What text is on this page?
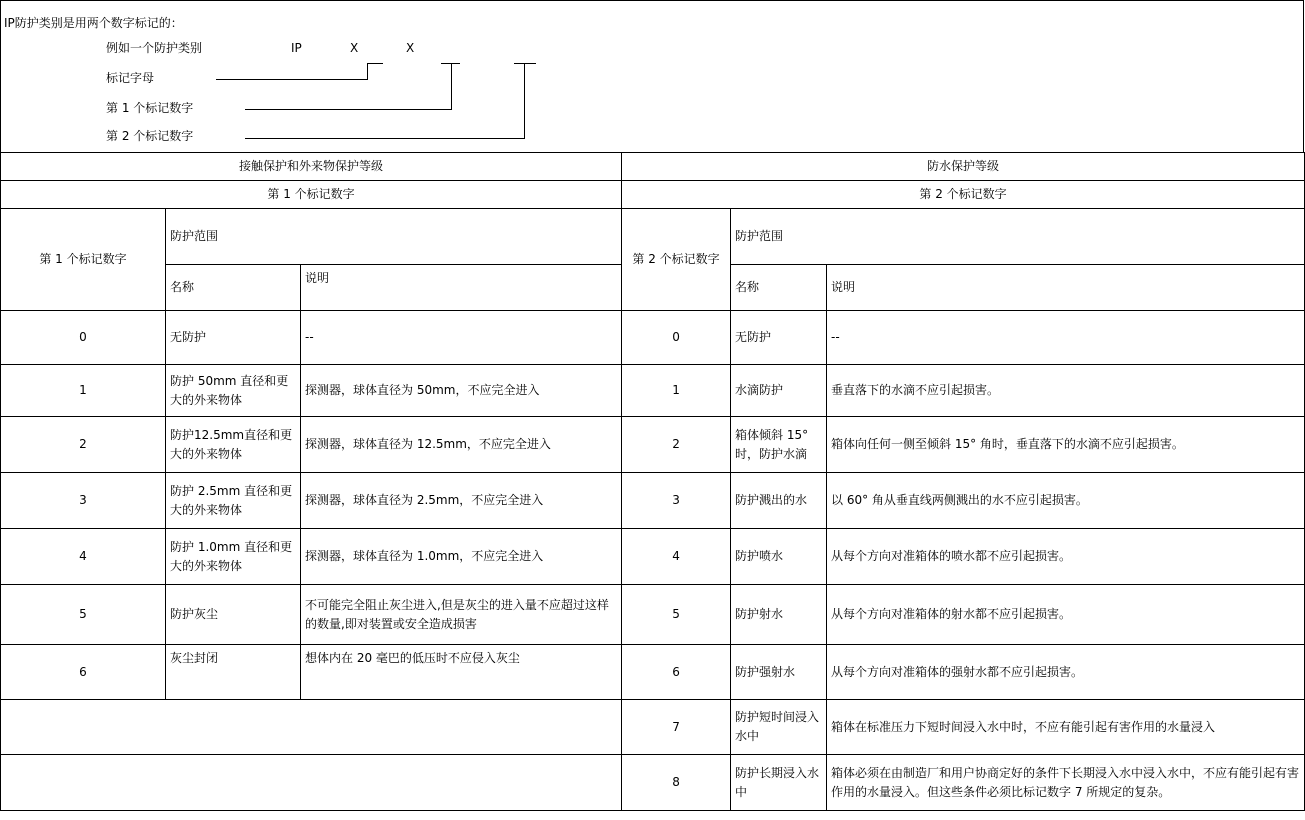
IP防护类别是用两个数字标记的：
例如一个防护类别	IP	X	X
标记字母
第 1 个标记数字
第 2 个标记数字
接触保护和外来物保护等级			防水保护等级		
第 1 个标记数字			第 2 个标记数字		
第 1 个标记数字	防护范围		第 2 个标记数字	防护范围	
	名称	说明		名称	说明
0	无防护	--	0	无防护	--
1	防护 50mm 直径和更大的外来物体	探测器，球体直径为 50mm，不应完全进入	1	水滴防护	垂直落下的水滴不应引起损害。
2	防护12.5mm直径和更大的外来物体	探测器，球体直径为 12.5mm，不应完全进入	2	箱体倾斜 15°时，防护水滴	箱体向任何一侧至倾斜 15° 角时，垂直落下的水滴不应引起损害。
3	防护 2.5mm 直径和更大的外来物体	探测器，球体直径为 2.5mm，不应完全进入	3	防护溅出的水	以 60° 角从垂直线两侧溅出的水不应引起损害。
4	防护 1.0mm 直径和更大的外来物体	探测器，球体直径为 1.0mm，不应完全进入	4	防护喷水	从每个方向对准箱体的喷水都不应引起损害。
5	防护灰尘	不可能完全阻止灰尘进入,但是灰尘的进入量不应超过这样的数量,即对装置或安全造成损害	5	防护射水	从每个方向对准箱体的射水都不应引起损害。
6	灰尘封闭	想体内在 20 毫巴的低压时不应侵入灰尘	6	防护强射水	从每个方向对准箱体的强射水都不应引起损害。
			7	防护短时间浸入水中	箱体在标准压力下短时间浸入水中时，不应有能引起有害作用的水量浸入
			8	防护长期浸入水中	箱体必须在由制造厂和用户协商定好的条件下长期浸入水中浸入水中，不应有能引起有害作用的水量浸入。但这些条件必须比标记数字 7 所规定的复杂。
